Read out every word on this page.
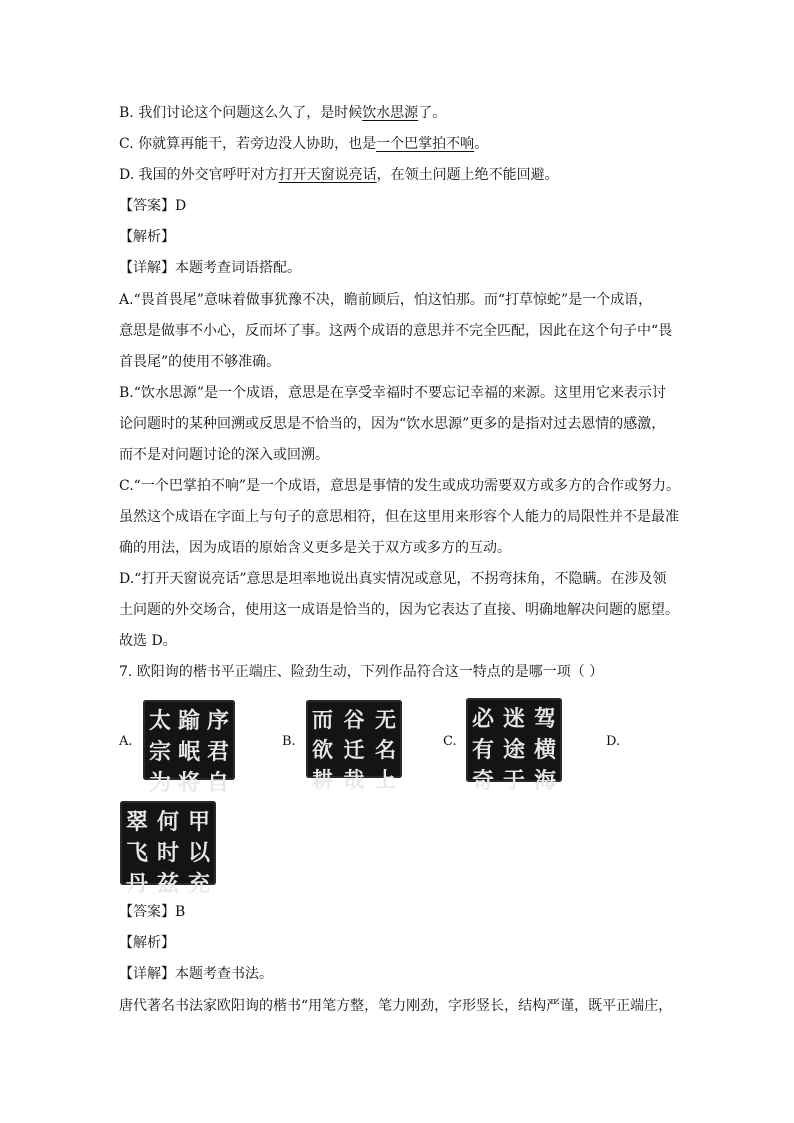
B. 我们讨论这个问题这么久了，是时候饮水思源了。
C. 你就算再能干，若旁边没人协助，也是一个巴掌拍不响。
D. 我国的外交官呼吁对方打开天窗说亮话，在领土问题上绝不能回避。
【答案】D
【解析】
【详解】本题考查词语搭配。
A.“畏首畏尾”意味着做事犹豫不决，瞻前顾后，怕这怕那。而“打草惊蛇”是一个成语，
意思是做事不小心，反而坏了事。这两个成语的意思并不完全匹配，因此在这个句子中“畏
首畏尾”的使用不够准确。
B.“饮水思源”是一个成语，意思是在享受幸福时不要忘记幸福的来源。这里用它来表示讨
论问题时的某种回溯或反思是不恰当的，因为“饮水思源”更多的是指对过去恩情的感激，
而不是对问题讨论的深入或回溯。
C.“一个巴掌拍不响”是一个成语，意思是事情的发生或成功需要双方或多方的合作或努力。
虽然这个成语在字面上与句子的意思相符，但在这里用来形容个人能力的局限性并不是最准
确的用法，因为成语的原始含义更多是关于双方或多方的互动。
D.“打开天窗说亮话”意思是坦率地说出真实情况或意见，不拐弯抹角，不隐瞒。在涉及领
土问题的外交场合，使用这一成语是恰当的，因为它表达了直接、明确地解决问题的愿望。
故选 D。
7. 欧阳询的楷书平正端庄、险劲生动，下列作品符合这一特点的是哪一项（ ）
A.	B.	C.	D.
序
君
自
踰
岷
将
太
宗
为
无
名
上
谷
迁
哉
而
欲
耕
驾
横
海
迷
途
于
必
有
奇
甲
以
充
何
时
兹
翠
飞
丹
【答案】B
【解析】
【详解】本题考查书法。
唐代著名书法家欧阳询的楷书“用笔方整，笔力刚劲，字形竖长，结构严谨，既平正端庄，
